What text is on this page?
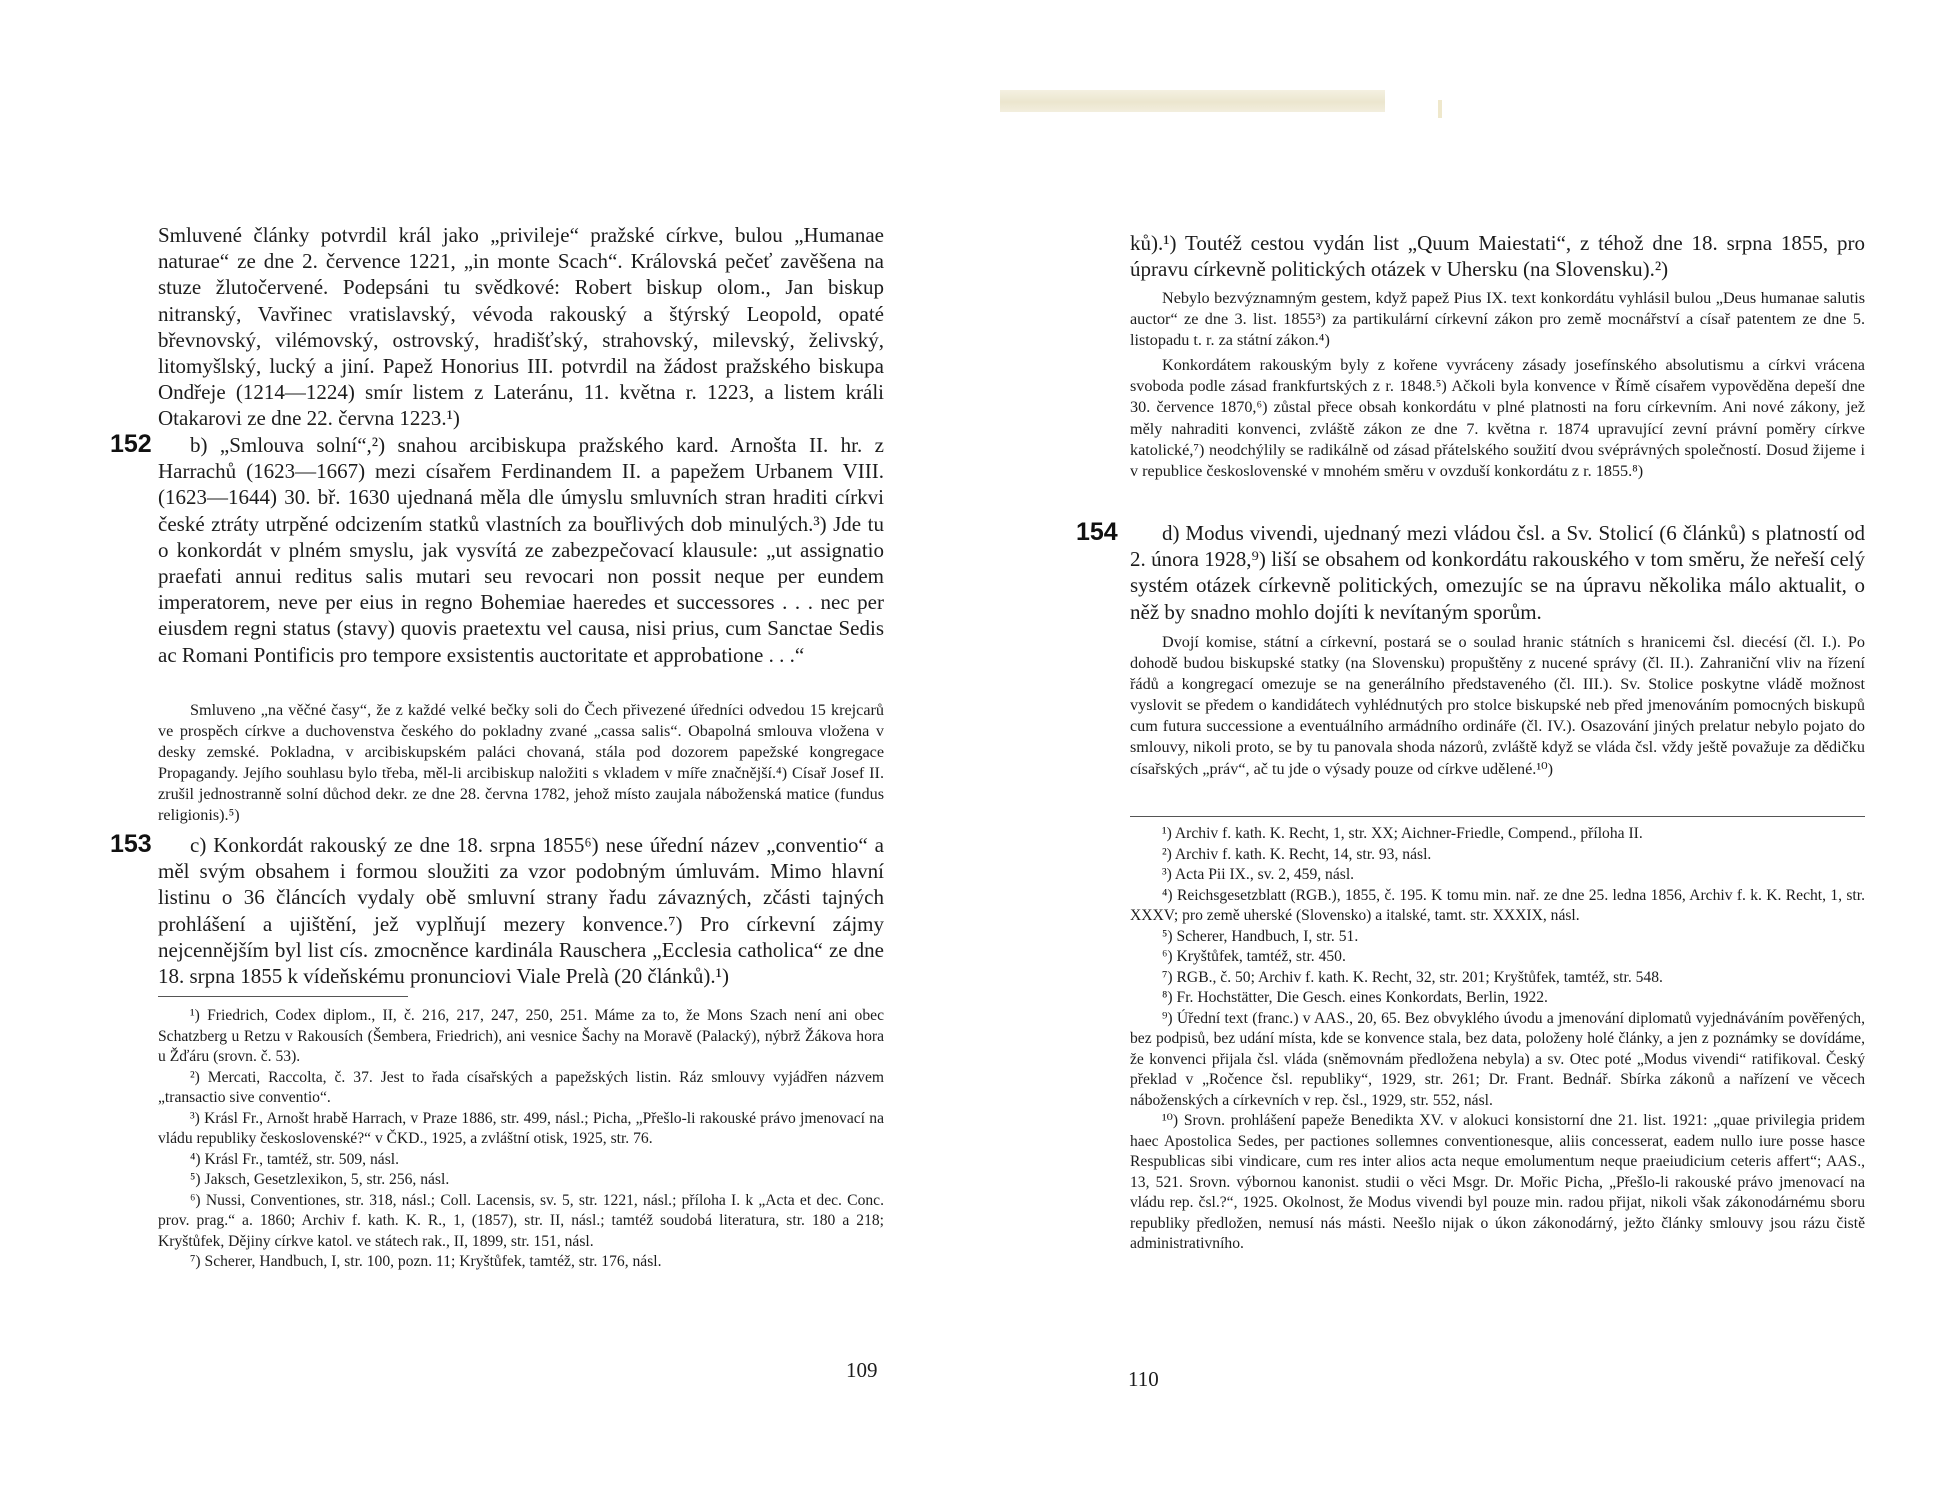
Smluvené články potvrdil král jako „privileje“ pražské církve, bulou „Humanae naturae“ ze dne 2. července 1221, „in monte Scach“. Královská pečeť zavěšena na stuze žlutočervené. Podepsáni tu svědkové: Robert biskup olom., Jan biskup nitranský, Vavřinec vratislavský, vévoda rakouský a štýrský Leopold, opaté břevnovský, vilémovský, ostrovský, hradišťský, strahovský, milevský, želivský, litomyšlský, lucký a jiní. Papež Honorius III. potvrdil na žádost pražského biskupa Ondřeje (1214—1224) smír listem z Lateránu, 11. května r. 1223, a listem králi Otakarovi ze dne 22. června 1223.¹)

152	b) „Smlouva solní“,²) snahou arcibiskupa pražského kard. Arnošta II. hr. z Harrachů (1623—1667) mezi císařem Ferdinandem II. a papežem Urbanem VIII. (1623—1644) 30. bř. 1630 ujednaná měla dle úmyslu smluvních stran hraditi církvi české ztráty utrpěné odcizením statků vlastních za bouřlivých dob minulých.³) Jde tu o konkordát v plném smyslu, jak vysvítá ze zabezpečovací klausule: „ut assignatio praefati annui reditus salis mutari seu revocari non possit neque per eundem imperatorem, neve per eius in regno Bohemiae haeredes et successores . . . nec per eiusdem regni status (stavy) quovis praetextu vel causa, nisi prius, cum Sanctae Sedis ac Romani Pontificis pro tempore exsistentis auctoritate et approbatione . . .“

Smluveno „na věčné časy“, že z každé velké bečky soli do Čech přivezené úředníci odvedou 15 krejcarů ve prospěch církve a duchovenstva českého do pokladny zvané „cassa salis“. Obapolná smlouva vložena v desky zemské. Pokladna, v arcibiskupském paláci chovaná, stála pod dozorem papežské kongregace Propagandy. Jejího souhlasu bylo třeba, měl-li arcibiskup naložiti s vkladem v míře značnější.⁴) Císař Josef II. zrušil jednostranně solní důchod dekr. ze dne 28. června 1782, jehož místo zaujala náboženská matice (fundus religionis).⁵)

153	c) Konkordát rakouský ze dne 18. srpna 1855⁶) nese úřední název „conventio“ a měl svým obsahem i formou sloužiti za vzor podobným úmluvám. Mimo hlavní listinu o 36 článcích vydaly obě smluvní strany řadu závazných, zčásti tajných prohlášení a ujištění, jež vyplňují mezery konvence.⁷) Pro církevní zájmy nejcennějším byl list cís. zmocněnce kardinála Rauschera „Ecclesia catholica“ ze dne 18. srpna 1855 k vídeňskému pronunciovi Viale Prelà (20 článků).¹)

¹) Friedrich, Codex diplom., II, č. 216, 217, 247, 250, 251. Máme za to, že Mons Szach není ani obec Schatzberg u Retzu v Rakousích (Šembera, Friedrich), ani vesnice Šachy na Moravě (Palacký), nýbrž Žákova hora u Žďáru (srovn. č. 53).

²) Mercati, Raccolta, č. 37. Jest to řada císařských a papežských listin. Ráz smlouvy vyjádřen názvem „transactio sive conventio“.

³) Krásl Fr., Arnošt hrabě Harrach, v Praze 1886, str. 499, násl.; Picha, „Přešlo-li rakouské právo jmenovací na vládu republiky československé?“ v ČKD., 1925, a zvláštní otisk, 1925, str. 76.

⁴) Krásl Fr., tamtéž, str. 509, násl.

⁵) Jaksch, Gesetzlexikon, 5, str. 256, násl.

⁶) Nussi, Conventiones, str. 318, násl.; Coll. Lacensis, sv. 5, str. 1221, násl.; příloha I. k „Acta et dec. Conc. prov. prag.“ a. 1860; Archiv f. kath. K. R., 1, (1857), str. II, násl.; tamtéž soudobá literatura, str. 180 a 218; Kryštůfek, Dějiny církve katol. ve státech rak., II, 1899, str. 151, násl.

⁷) Scherer, Handbuch, I, str. 100, pozn. 11; Kryštůfek, tamtéž, str. 176, násl.

109

ků).¹) Toutéž cestou vydán list „Quum Maiestati“, z téhož dne 18. srpna 1855, pro úpravu církevně politických otázek v Uhersku (na Slovensku).²)

Nebylo bezvýznamným gestem, když papež Pius IX. text konkordátu vyhlásil bulou „Deus humanae salutis auctor“ ze dne 3. list. 1855³) za partikulární církevní zákon pro země mocnářství a císař patentem ze dne 5. listopadu t. r. za státní zákon.⁴)

Konkordátem rakouským byly z kořene vyvráceny zásady josefínského absolutismu a církvi vrácena svoboda podle zásad frankfurtských z r. 1848.⁵) Ačkoli byla konvence v Římě císařem vypověděna depeší dne 30. července 1870,⁶) zůstal přece obsah konkordátu v plné platnosti na foru církevním. Ani nové zákony, jež měly nahraditi konvenci, zvláště zákon ze dne 7. května r. 1874 upravující zevní právní poměry církve katolické,⁷) neodchýlily se radikálně od zásad přátelského soužití dvou svéprávných společností. Dosud žijeme i v republice československé v mnohém směru v ovzduší konkordátu z r. 1855.⁸)

154	d) Modus vivendi, ujednaný mezi vládou čsl. a Sv. Stolicí (6 článků) s platností od 2. února 1928,⁹) liší se obsahem od konkordátu rakouského v tom směru, že neřeší celý systém otázek církevně politických, omezujíc se na úpravu několika málo aktualit, o něž by snadno mohlo dojíti k nevítaným sporům.

Dvojí komise, státní a církevní, postará se o soulad hranic státních s hranicemi čsl. diecésí (čl. I.). Po dohodě budou biskupské statky (na Slovensku) propuštěny z nucené správy (čl. II.). Zahraniční vliv na řízení řádů a kongregací omezuje se na generálního představeného (čl. III.). Sv. Stolice poskytne vládě možnost vyslovit se předem o kandidátech vyhlédnutých pro stolce biskupské neb před jmenováním pomocných biskupů cum futura successione a eventuálního armádního ordináře (čl. IV.). Osazování jiných prelatur nebylo pojato do smlouvy, nikoli proto, se by tu panovala shoda názorů, zvláště když se vláda čsl. vždy ještě považuje za dědičku císařských „práv“, ač tu jde o výsady pouze od církve udělené.¹⁰)

¹) Archiv f. kath. K. Recht, 1, str. XX; Aichner-Friedle, Compend., příloha II.

²) Archiv f. kath. K. Recht, 14, str. 93, násl.

³) Acta Pii IX., sv. 2, 459, násl.

⁴) Reichsgesetzblatt (RGB.), 1855, č. 195. K tomu min. nař. ze dne 25. ledna 1856, Archiv f. k. K. Recht, 1, str. XXXV; pro země uherské (Slovensko) a italské, tamt. str. XXXIX, násl.

⁵) Scherer, Handbuch, I, str. 51.

⁶) Kryštůfek, tamtéž, str. 450.

⁷) RGB., č. 50; Archiv f. kath. K. Recht, 32, str. 201; Kryštůfek, tamtéž, str. 548.

⁸) Fr. Hochstätter, Die Gesch. eines Konkordats, Berlin, 1922.

⁹) Úřední text (franc.) v AAS., 20, 65. Bez obvyklého úvodu a jmenování diplomatů vyjednáváním pověřených, bez podpisů, bez udání místa, kde se konvence stala, bez data, položeny holé články, a jen z poznámky se dovídáme, že konvenci přijala čsl. vláda (sněmovnám předložena nebyla) a sv. Otec poté „Modus vivendi“ ratifikoval. Český překlad v „Ročence čsl. republiky“, 1929, str. 261; Dr. Frant. Bednář. Sbírka zákonů a nařízení ve věcech náboženských a církevních v rep. čsl., 1929, str. 552, násl.

¹⁰) Srovn. prohlášení papeže Benedikta XV. v alokuci konsistorní dne 21. list. 1921: „quae privilegia pridem haec Apostolica Sedes, per pactiones sollemnes conventionesque, aliis concesserat, eadem nullo iure posse hasce Respublicas sibi vindicare, cum res inter alios acta neque emolumentum neque praeiudicium ceteris affert“; AAS., 13, 521. Srovn. výbornou kanonist. studii o věci Msgr. Dr. Mořic Picha, „Přešlo-li rakouské právo jmenovací na vládu rep. čsl.?“, 1925. Okolnost, že Modus vivendi byl pouze min. radou přijat, nikoli však zákonodárnému sboru republiky předložen, nemusí nás másti. Neešlo nijak o úkon zákonodárný, ježto články smlouvy jsou rázu čistě administrativního.

110
